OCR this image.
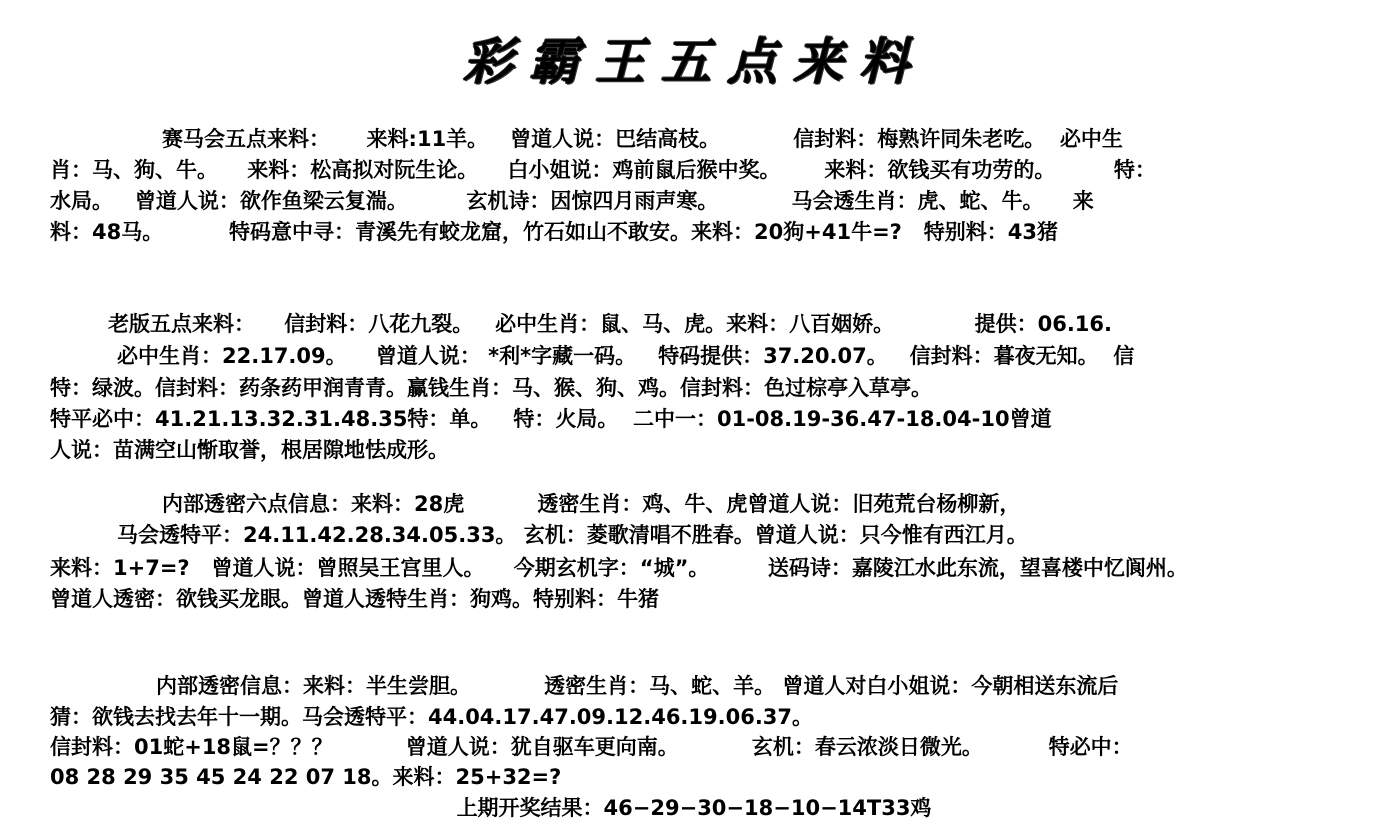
彩霸王五点来料
赛马会五点来料：     来料:11羊。   曾道人说：巴结高枝。          信封料：梅熟许同朱老吃。  必中生
肖：马、狗、牛。    来料：松高拟对阮生论。    白小姐说：鸡前鼠后猴中奖。      来料：欲钱买有功劳的。        特：
水局。   曾道人说：欲作鱼梁云复湍。        玄机诗：因惊四月雨声寒。          马会透生肖：虎、蛇、牛。    来
料：48马。         特码意中寻：青溪先有蛟龙窟，竹石如山不敢安。来料：20狗+41牛=?   特别料：43猪
老版五点来料：    信封料：八花九裂。   必中生肖：鼠、马、虎。来料：八百姻娇。           提供：06.16.
必中生肖：22.17.09。    曾道人说： *利*字藏一码。   特码提供：37.20.07。   信封料：暮夜无知。  信
特：绿波。信封料：药条药甲润青青。赢钱生肖：马、猴、狗、鸡。信封料：色过棕亭入草亭。
特平必中：41.21.13.32.31.48.35特：单。   特：火局。  二中一：01-08.19-36.47-18.04-10曾道
人说：苗满空山惭取誉，根居隙地怯成形。
内部透密六点信息：来料：28虎          透密生肖：鸡、牛、虎曾道人说：旧苑荒台杨柳新，
马会透特平：24.11.42.28.34.05.33。 玄机：菱歌清唱不胜春。曾道人说：只今惟有西江月。
来料：1+7=?   曾道人说：曾照吴王宫里人。    今期玄机字：“城”。        送码诗：嘉陵江水此东流，望喜楼中忆阆州。
曾道人透密：欲钱买龙眼。曾道人透特生肖：狗鸡。特别料：牛猪
内部透密信息：来料：半生尝胆。          透密生肖：马、蛇、羊。 曾道人对白小姐说：今朝相送东流后
猜：欲钱去找去年十一期。马会透特平：44.04.17.47.09.12.46.19.06.37。
信封料：01蛇+18鼠=？？？          曾道人说：犹自驱车更向南。          玄机：春云浓淡日微光。         特必中：
08 28 29 35 45 24 22 07 18。来料：25+32=?
上期开奖结果：46−29−30−18−10−14T33鸡
